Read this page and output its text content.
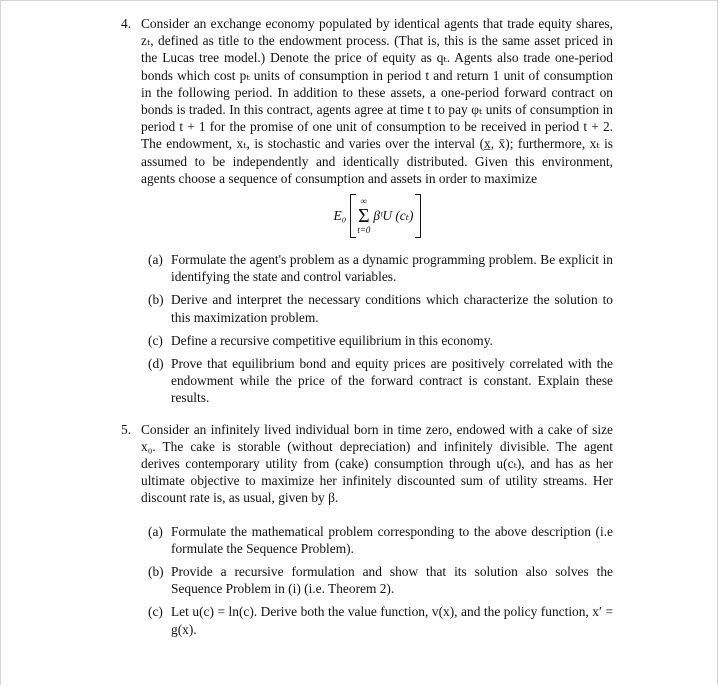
4. Consider an exchange economy populated by identical agents that trade equity shares, zₜ, defined as title to the endowment process. (That is, this is the same asset priced in the Lucas tree model.) Denote the price of equity as qₜ. Agents also trade one-period bonds which cost pₜ units of consumption in period t and return 1 unit of consumption in the following period. In addition to these assets, a one-period forward contract on bonds is traded. In this contract, agents agree at time t to pay φₜ units of consumption in period t + 1 for the promise of one unit of consumption to be received in period t + 2. The endowment, xₜ, is stochastic and varies over the interval (x̲, x̄); furthermore, xₜ is assumed to be independently and identically distributed. Given this environment, agents choose a sequence of consumption and assets in order to maximize

E₀
∞
Σ
t=0
βᵗU (cₜ)
(a) Formulate the agent's problem as a dynamic programming problem. Be explicit in identifying the state and control variables.
(b) Derive and interpret the necessary conditions which characterize the solution to this maximization problem.
(c) Define a recursive competitive equilibrium in this economy.
(d) Prove that equilibrium bond and equity prices are positively correlated with the endowment while the price of the forward contract is constant. Explain these results.
5. Consider an infinitely lived individual born in time zero, endowed with a cake of size x₀. The cake is storable (without depreciation) and infinitely divisible. The agent derives contemporary utility from (cake) consumption through u(cₜ), and has as her ultimate objective to maximize her infinitely discounted sum of utility streams. Her discount rate is, as usual, given by β.

(a) Formulate the mathematical problem corresponding to the above description (i.e formulate the Sequence Problem).
(b) Provide a recursive formulation and show that its solution also solves the Sequence Problem in (i) (i.e. Theorem 2).
(c) Let u(c) = ln(c). Derive both the value function, v(x), and the policy function, x′ = g(x).
